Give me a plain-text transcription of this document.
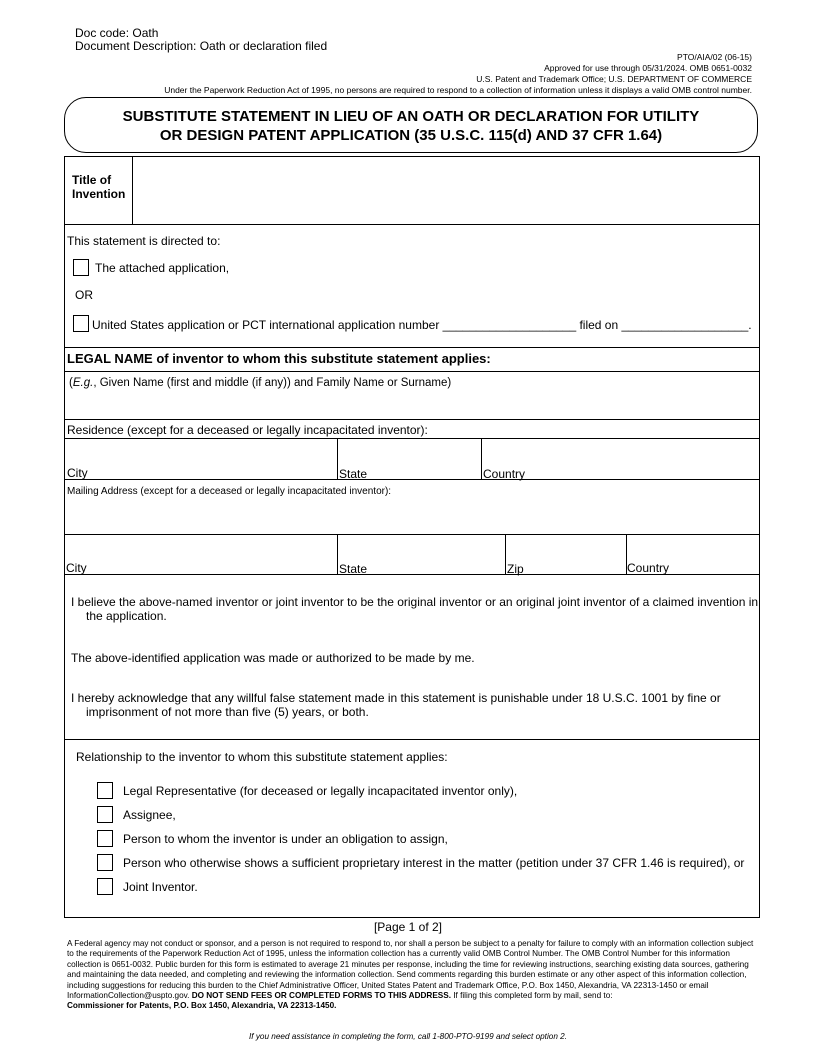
Doc code: Oath
Document Description: Oath or declaration filed
PTO/AIA/02 (06-15)
Approved for use through 05/31/2024. OMB 0651-0032
U.S. Patent and Trademark Office; U.S. DEPARTMENT OF COMMERCE
Under the Paperwork Reduction Act of 1995, no persons are required to respond to a collection of information unless it displays a valid OMB control number.
SUBSTITUTE STATEMENT IN LIEU OF AN OATH OR DECLARATION FOR UTILITY
OR DESIGN PATENT APPLICATION (35 U.S.C. 115(d) AND 37 CFR 1.64)
Title of Invention
This statement is directed to:
The attached application,
OR
United States application or PCT international application number ____________________ filed on ___________________.
LEGAL NAME of inventor to whom this substitute statement applies:
(E.g., Given Name (first and middle (if any)) and Family Name or Surname)
Residence (except for a deceased or legally incapacitated inventor):
City	State	Country
Mailing Address (except for a deceased or legally incapacitated inventor):
City	State	Zip	Country
I believe the above-named inventor or joint inventor to be the original inventor or an original joint inventor of a claimed invention in the application.
The above-identified application was made or authorized to be made by me.
I hereby acknowledge that any willful false statement made in this statement is punishable under 18 U.S.C. 1001 by fine or imprisonment of not more than five (5) years, or both.
Relationship to the inventor to whom this substitute statement applies:
Legal Representative (for deceased or legally incapacitated inventor only),
Assignee,
Person to whom the inventor is under an obligation to assign,
Person who otherwise shows a sufficient proprietary interest in the matter (petition under 37 CFR 1.46 is required), or
Joint Inventor.
[Page 1 of 2]
A Federal agency may not conduct or sponsor, and a person is not required to respond to, nor shall a person be subject to a penalty for failure to comply with an information collection subject to the requirements of the Paperwork Reduction Act of 1995, unless the information collection has a currently valid OMB Control Number. The OMB Control Number for this information collection is 0651-0032. Public burden for this form is estimated to average 21 minutes per response, including the time for reviewing instructions, searching existing data sources, gathering and maintaining the data needed, and completing and reviewing the information collection. Send comments regarding this burden estimate or any other aspect of this information collection, including suggestions for reducing this burden to the Chief Administrative Officer, United States Patent and Trademark Office, P.O. Box 1450, Alexandria, VA 22313-1450 or email InformationCollection@uspto.gov. DO NOT SEND FEES OR COMPLETED FORMS TO THIS ADDRESS. If filing this completed form by mail, send to:
Commissioner for Patents, P.O. Box 1450, Alexandria, VA 22313-1450.
If you need assistance in completing the form, call 1-800-PTO-9199 and select option 2.
